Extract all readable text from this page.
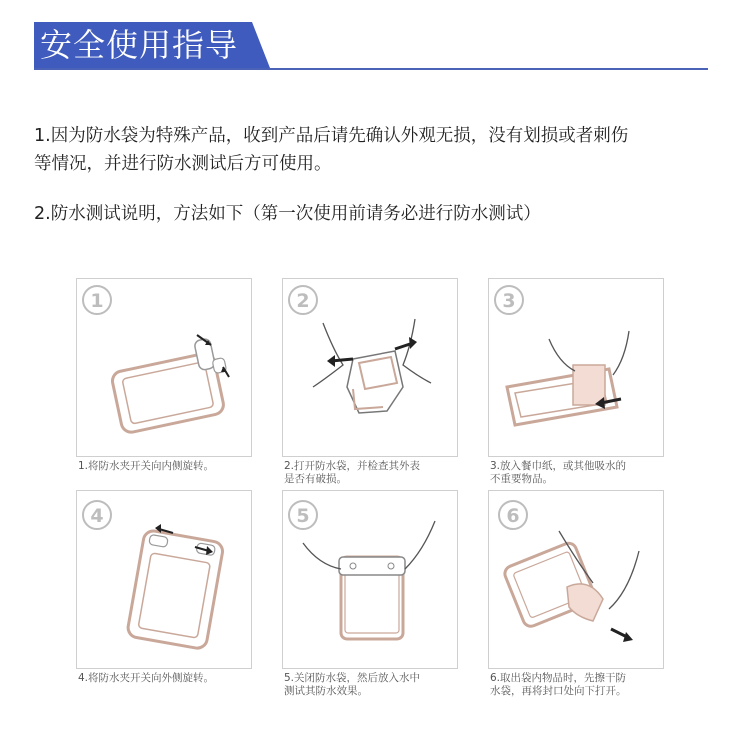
安全使用指导
1.因为防水袋为特殊产品，收到产品后请先确认外观无损，没有划损或者刺伤
等情况，并进行防水测试后方可使用。
2.防水测试说明，方法如下（第一次使用前请务必进行防水测试）
1
1.将防水夹开关向内侧旋转。
2
2.打开防水袋，并检查其外表
是否有破损。
3
3.放入餐巾纸，或其他吸水的
不重要物品。
4
4.将防水夹开关向外侧旋转。
5
5.关闭防水袋，然后放入水中
测试其防水效果。
6
6.取出袋内物品时，先擦干防
水袋，再将封口处向下打开。
